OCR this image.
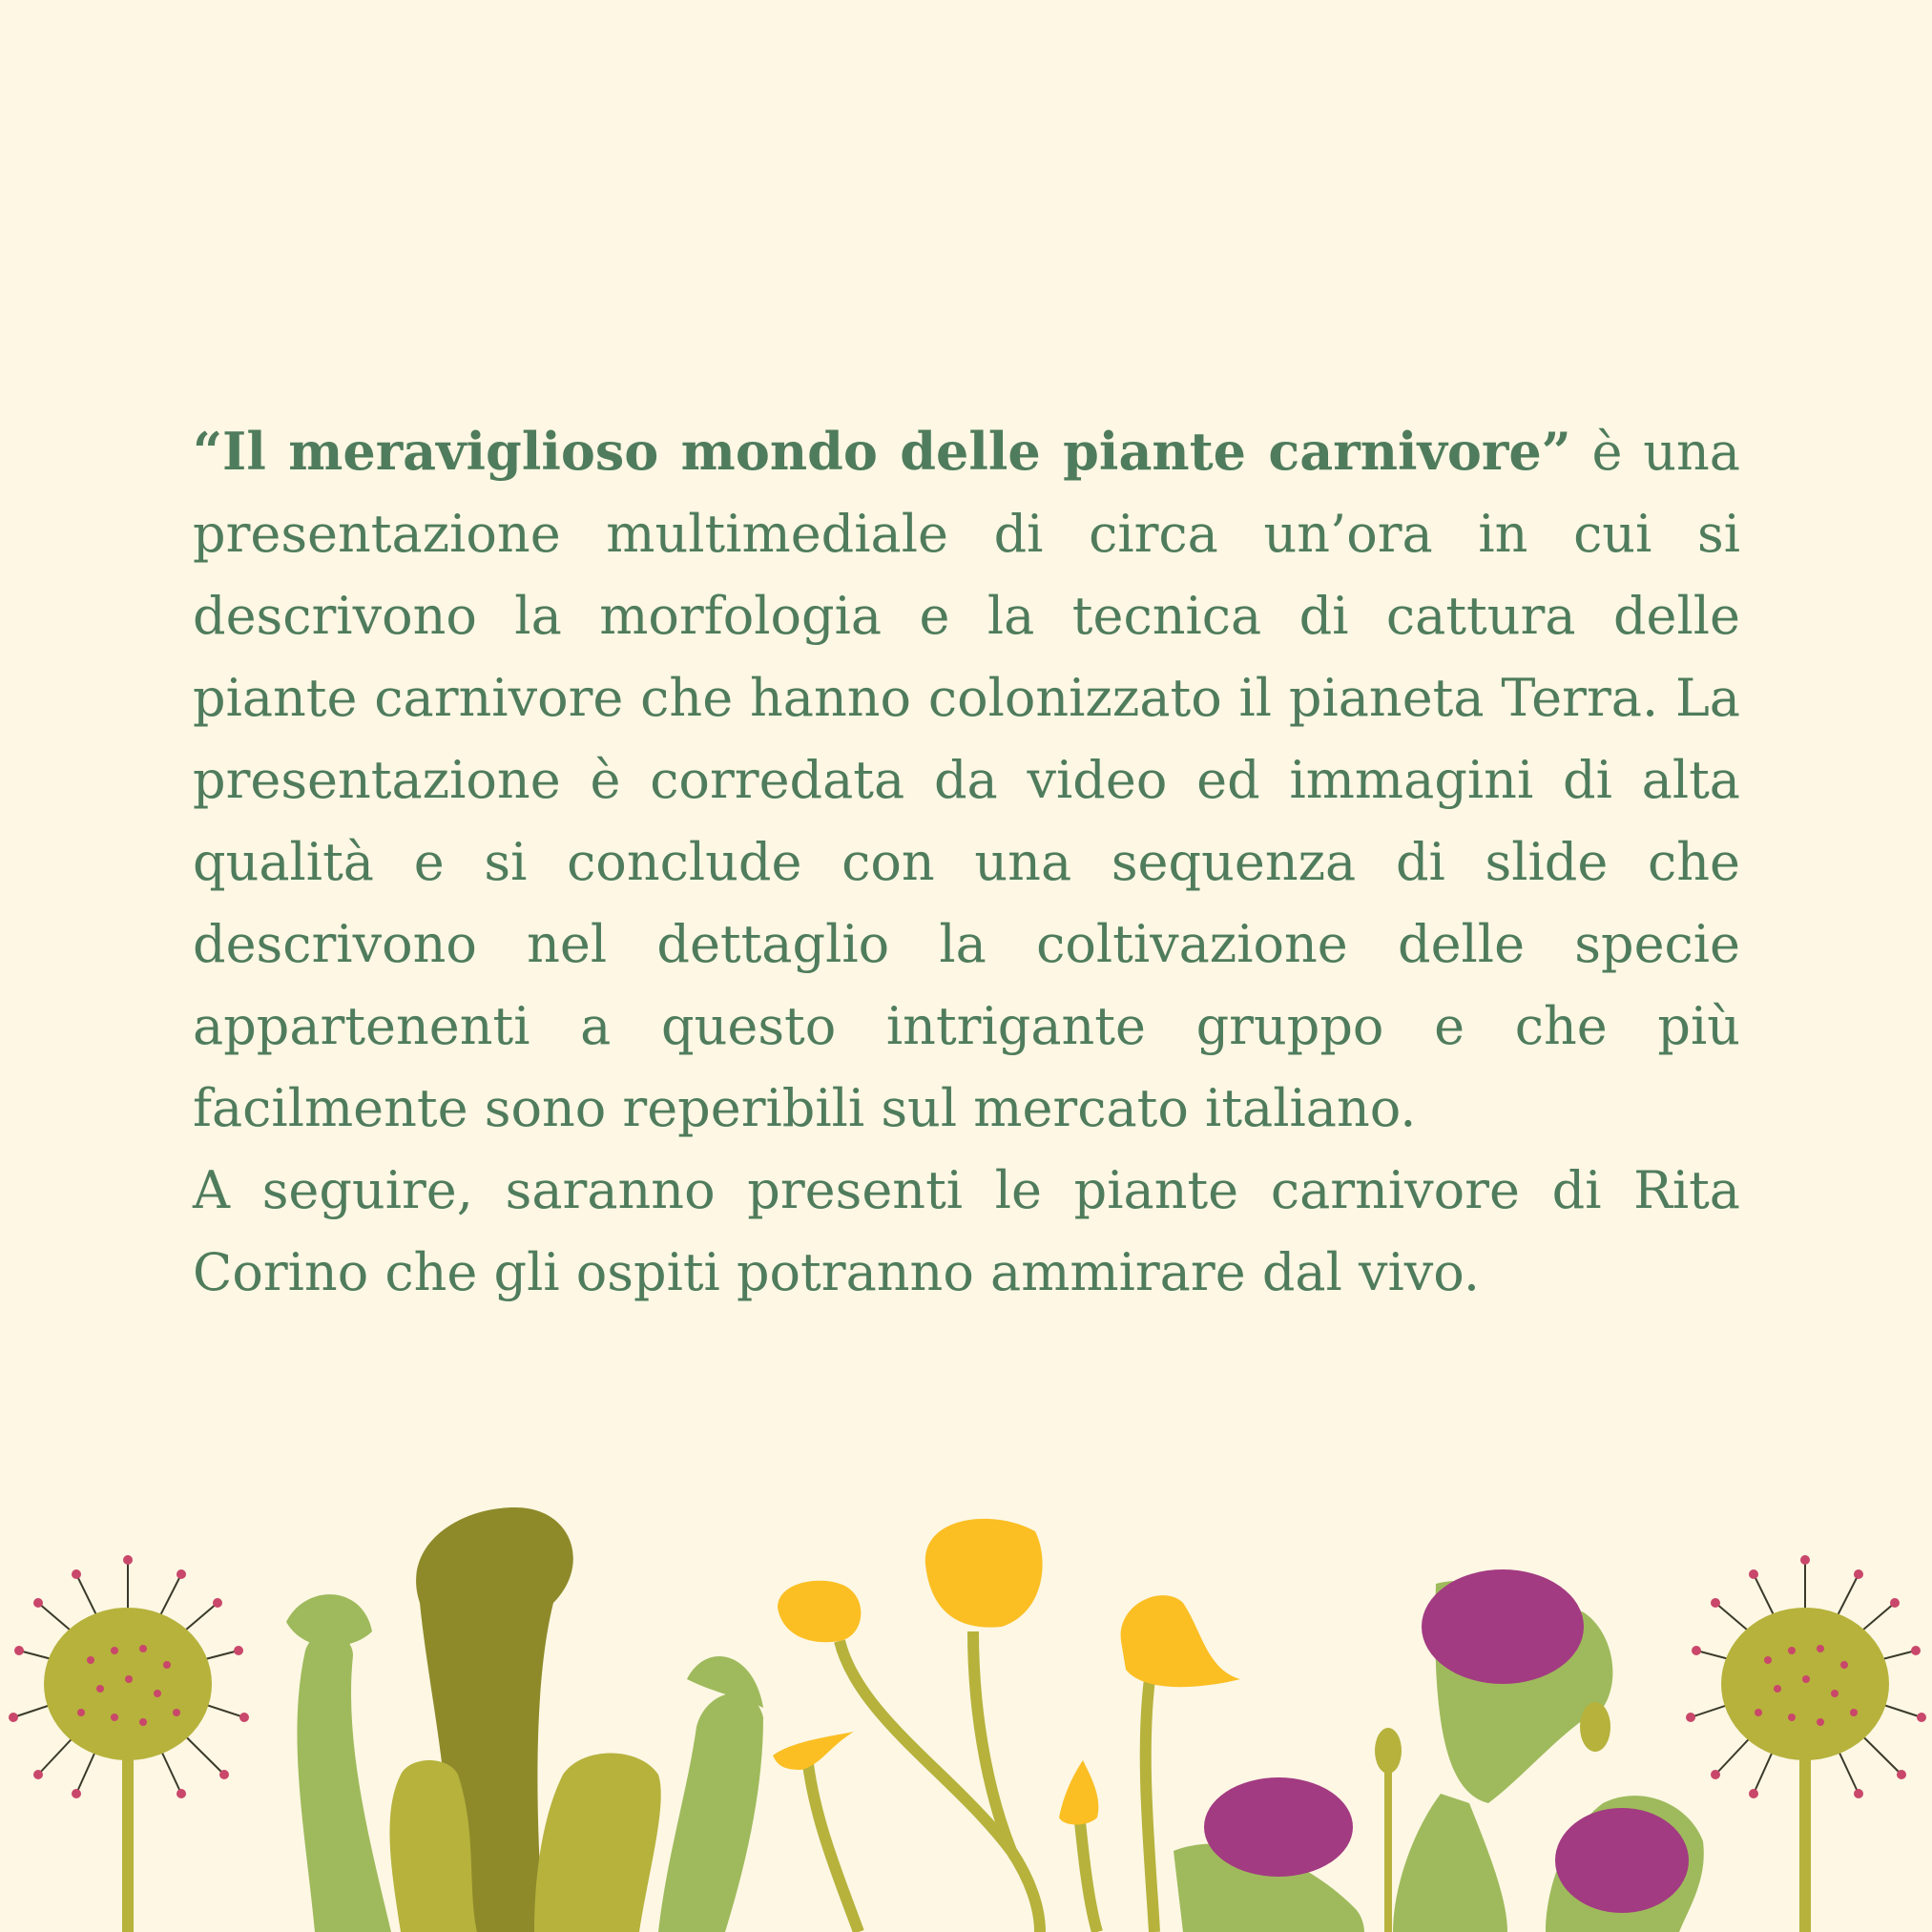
“Il meraviglioso mondo delle piante carnivore” è una presentazione multimediale di circa un’ora in cui si descrivono la morfologia e la tecnica di cattura delle piante carnivore che hanno colonizzato il pianeta Terra. La presentazione è corredata da video ed immagini di alta qualità e si conclude con una sequenza di slide che descrivono nel dettaglio la coltivazione delle specie appartenenti a questo intrigante gruppo e che più facilmente sono reperibili sul mercato italiano.

A seguire, saranno presenti le piante carnivore di Rita Corino che gli ospiti potranno ammirare dal vivo.
